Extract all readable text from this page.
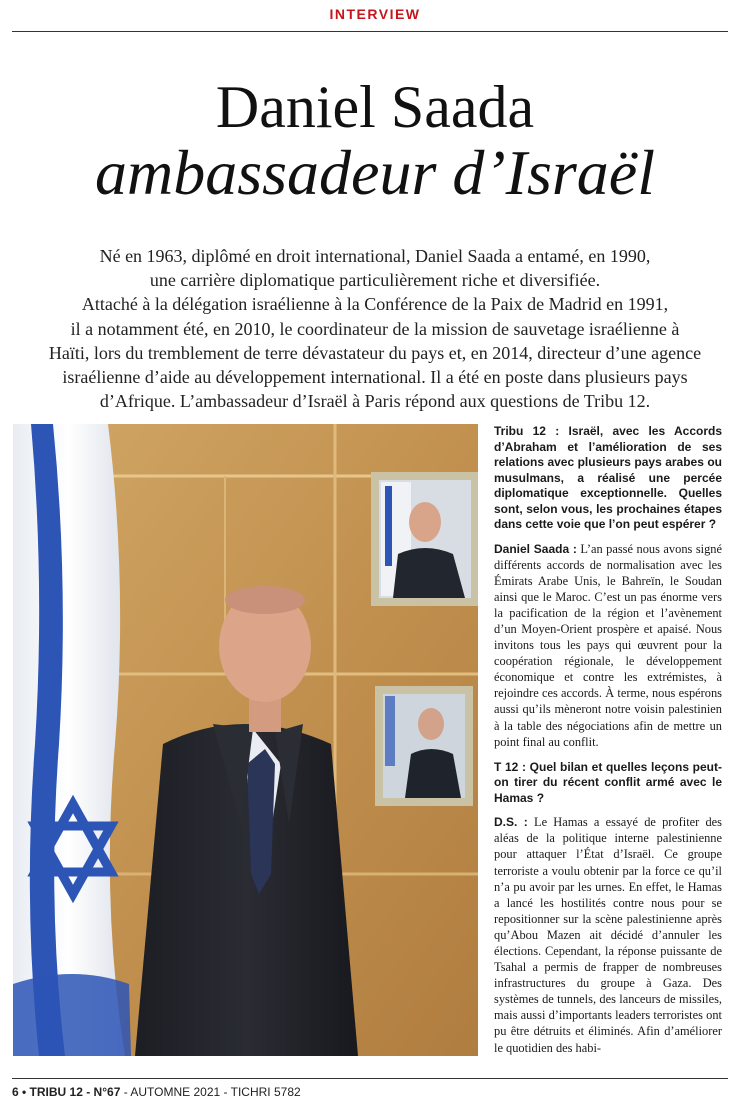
INTERVIEW
Daniel Saada
ambassadeur d’Israël
Né en 1963, diplômé en droit international, Daniel Saada a entamé, en 1990,
une carrière diplomatique particulièrement riche et diversifiée.
Attaché à la délégation israélienne à la Conférence de la Paix de Madrid en 1991,
il a notamment été, en 2010, le coordinateur de la mission de sauvetage israélienne à
Haïti, lors du tremblement de terre dévastateur du pays et, en 2014, directeur d’une agence
israélienne d’aide au développement international. Il a été en poste dans plusieurs pays
d’Afrique. L’ambassadeur d’Israël à Paris répond aux questions de Tribu 12.

Tribu 12 : Israël, avec les Accords d’Abraham et l’amélioration de ses relations avec plusieurs pays arabes ou musulmans, a réalisé une percée diplomatique exceptionnelle. Quelles sont, selon vous, les prochaines étapes dans cette voie que l’on peut espérer ?

Daniel Saada : L’an passé nous avons signé différents accords de normalisation avec les Émirats Arabe Unis, le Bahreïn, le Soudan ainsi que le Maroc. C’est un pas énorme vers la pacification de la région et l’avènement d’un Moyen-Orient prospère et apaisé. Nous invitons tous les pays qui œuvrent pour la coopération régionale, le développement économique et contre les extrémistes, à rejoindre ces accords. À terme, nous espérons aussi qu’ils mèneront notre voisin palestinien à la table des négociations afin de mettre un point final au conflit.

T 12 : Quel bilan et quelles leçons peut-on tirer du récent conflit armé avec le Hamas ?

D.S. : Le Hamas a essayé de profiter des aléas de la politique interne palestinienne pour attaquer l’État d’Israël. Ce groupe terroriste a voulu obtenir par la force ce qu’il n’a pu avoir par les urnes. En effet, le Hamas a lancé les hostilités contre nous pour se repositionner sur la scène palestinienne après qu’Abou Mazen ait décidé d’annuler les élections. Cependant, la réponse puissante de Tsahal a permis de frapper de nombreuses infrastructures du groupe à Gaza. Des systèmes de tunnels, des lanceurs de missiles, mais aussi d’importants leaders terroristes ont pu être détruits et éliminés. Afin d’améliorer le quotidien des habi-

6 • TRIBU 12 - N°67 - AUTOMNE 2021 - TICHRI 5782
